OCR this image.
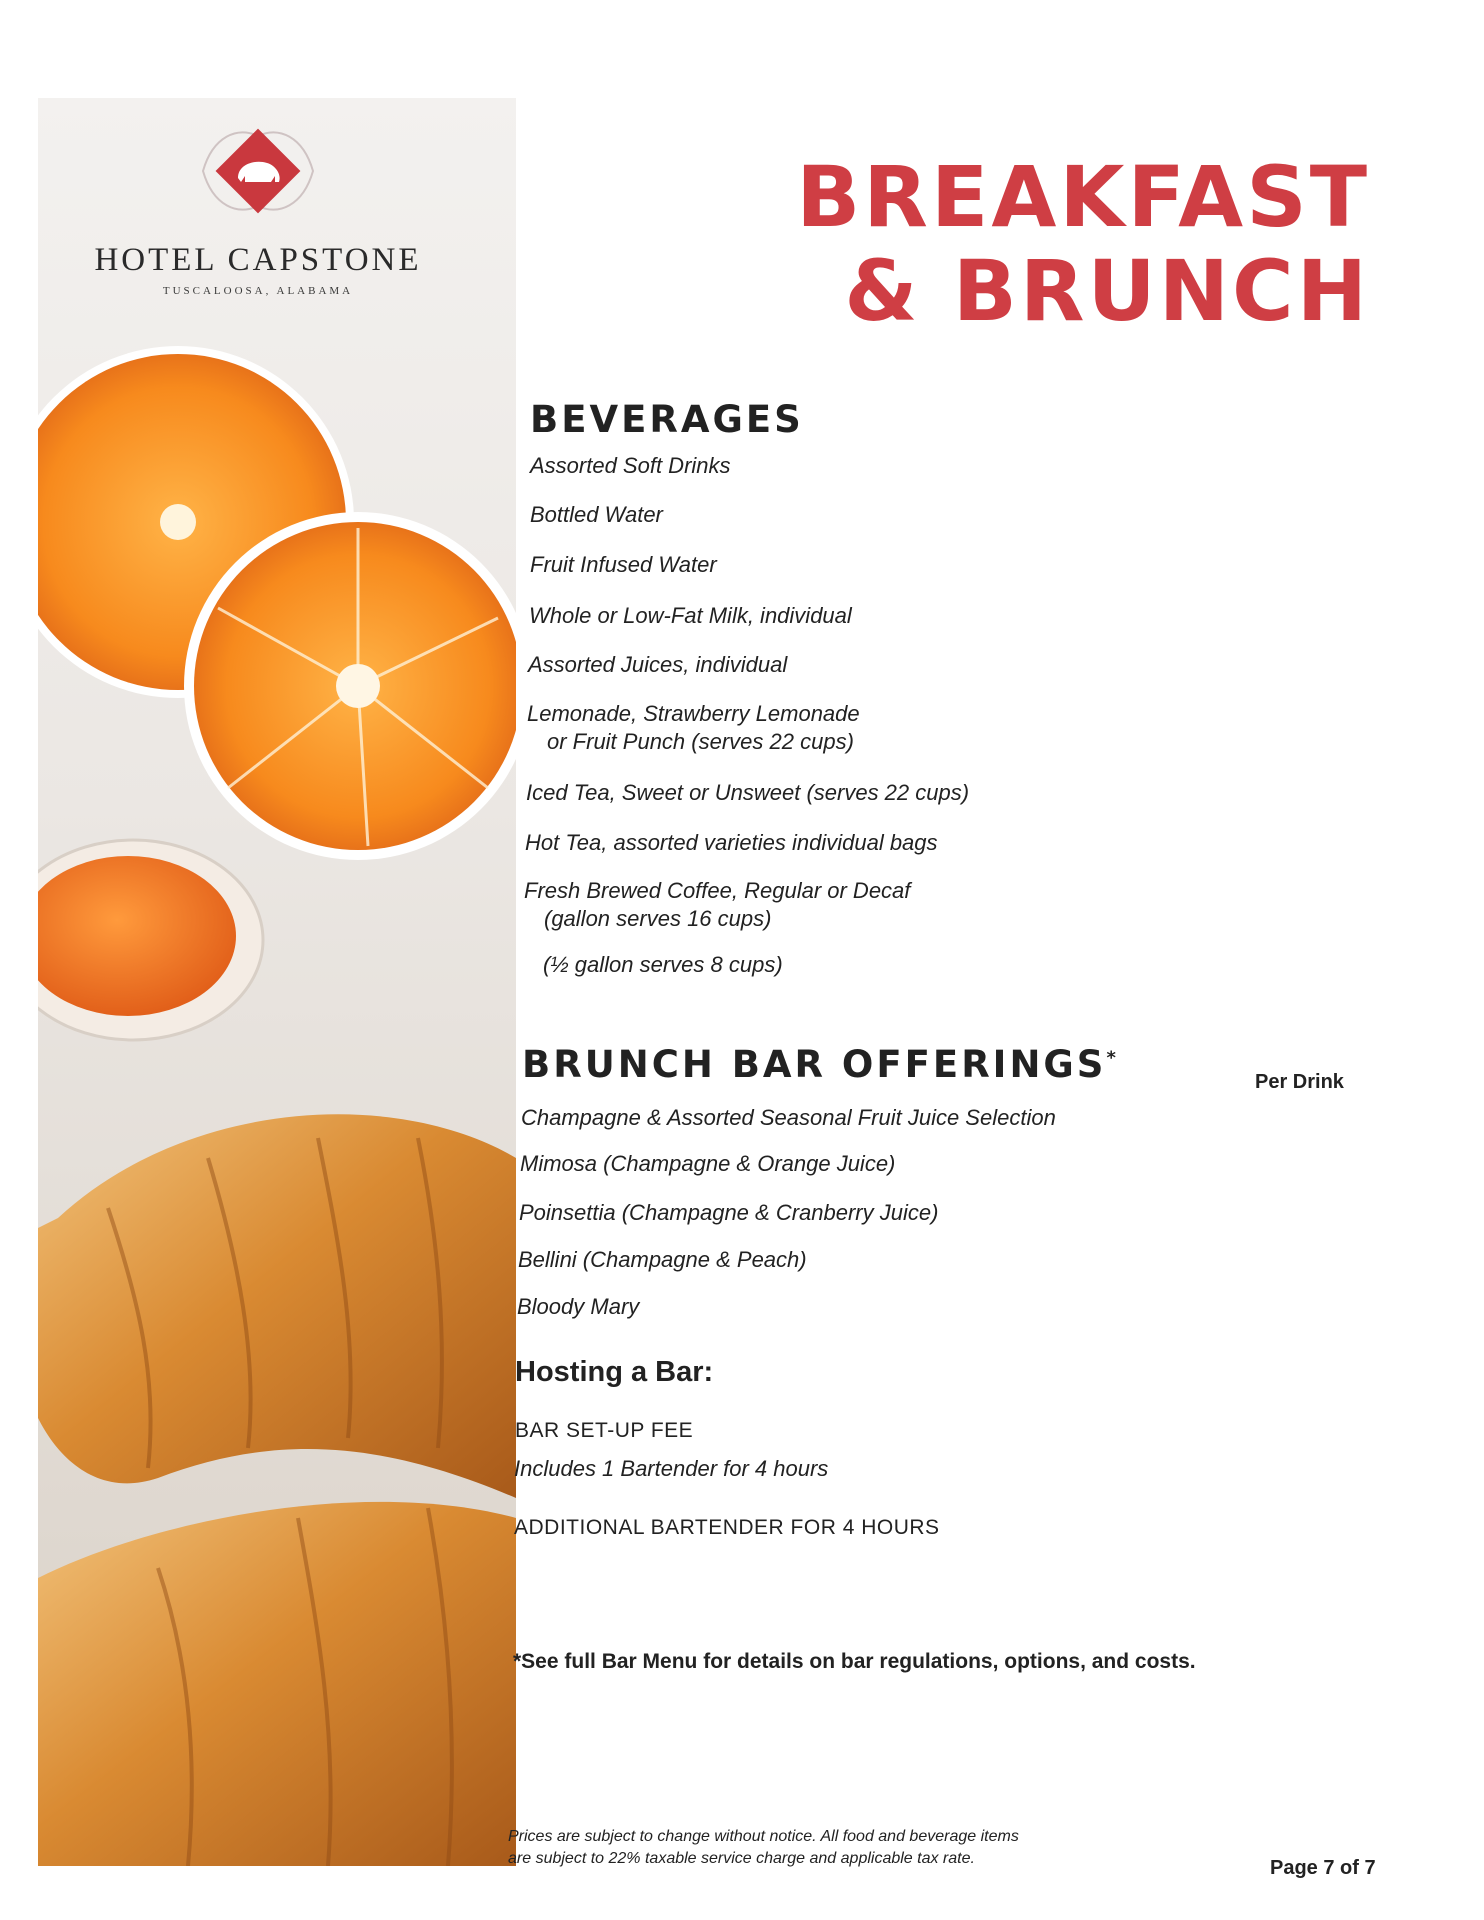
HOTEL CAPSTONE
TUSCALOOSA, ALABAMA
BREAKFAST
& BRUNCH
BEVERAGES
Assorted Soft Drinks
Bottled Water
Fruit Infused Water
Whole or Low-Fat Milk, individual
Assorted Juices, individual
Lemonade, Strawberry Lemonade
or Fruit Punch (serves 22 cups)
Iced Tea, Sweet or Unsweet (serves 22 cups)
Hot Tea, assorted varieties individual bags
Fresh Brewed Coffee, Regular or Decaf
(gallon serves 16 cups)
(½ gallon serves 8 cups)
BRUNCH BAR OFFERINGS*
Per Drink
Champagne & Assorted Seasonal Fruit Juice Selection
Mimosa (Champagne & Orange Juice)
Poinsettia (Champagne & Cranberry Juice)
Bellini (Champagne & Peach)
Bloody Mary
Hosting a Bar:
BAR SET-UP FEE
Includes 1 Bartender for 4 hours
ADDITIONAL BARTENDER FOR 4 HOURS
*See full Bar Menu for details on bar regulations, options, and costs.
Prices are subject to change without notice. All food and beverage items
are subject to 22% taxable service charge and applicable tax rate.	Page 7 of 7
